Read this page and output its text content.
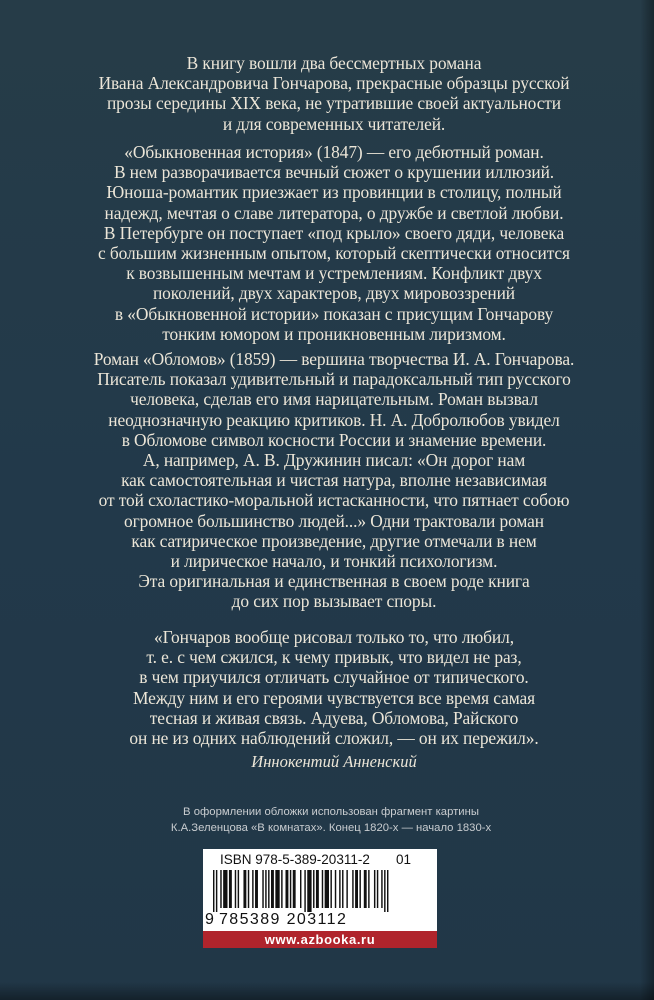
В книгу вошли два бессмертных романа
Ивана Александровича Гончарова, прекрасные образцы русской
прозы середины XIX века, не утратившие своей актуальности
и для современных читателей.

«Обыкновенная история» (1847) — его дебютный роман.
В нем разворачивается вечный сюжет о крушении иллюзий.
Юноша-романтик приезжает из провинции в столицу, полный
надежд, мечтая о славе литератора, о дружбе и светлой любви.
В Петербурге он поступает «под крыло» своего дяди, человека
с большим жизненным опытом, который скептически относится
к возвышенным мечтам и устремлениям. Конфликт двух
поколений, двух характеров, двух мировоззрений
в «Обыкновенной истории» показан с присущим Гончарову
тонким юмором и проникновенным лиризмом.

Роман «Обломов» (1859) — вершина творчества И. А. Гончарова.
Писатель показал удивительный и парадоксальный тип русского
человека, сделав его имя нарицательным. Роман вызвал
неоднозначную реакцию критиков. Н. А. Добролюбов увидел
в Обломове символ косности России и знамение времени.
А, например, А. В. Дружинин писал: «Он дорог нам
как самостоятельная и чистая натура, вполне независимая
от той схоластико-моральной истасканности, что пятнает собою
огромное большинство людей...» Одни трактовали роман
как сатирическое произведение, другие отмечали в нем
и лирическое начало, и тонкий психологизм.
Эта оригинальная и единственная в своем роде книга
до сих пор вызывает споры.

«Гончаров вообще рисовал только то, что любил,
т. е. с чем сжился, к чему привык, что видел не раз,
в чем приучился отличать случайное от типического.
Между ним и его героями чувствуется все время самая
тесная и живая связь. Адуева, Обломова, Райского
он не из одних наблюдений сложил, — он их пережил».

Иннокентий Анненский
В оформлении обложки использован фрагмент картины
К.А.Зеленцова «В комнатах». Конец 1820-х — начало 1830-х
ISBN 978-5-389-20311-2 01
9 785389 203112
www.azbooka.ru
